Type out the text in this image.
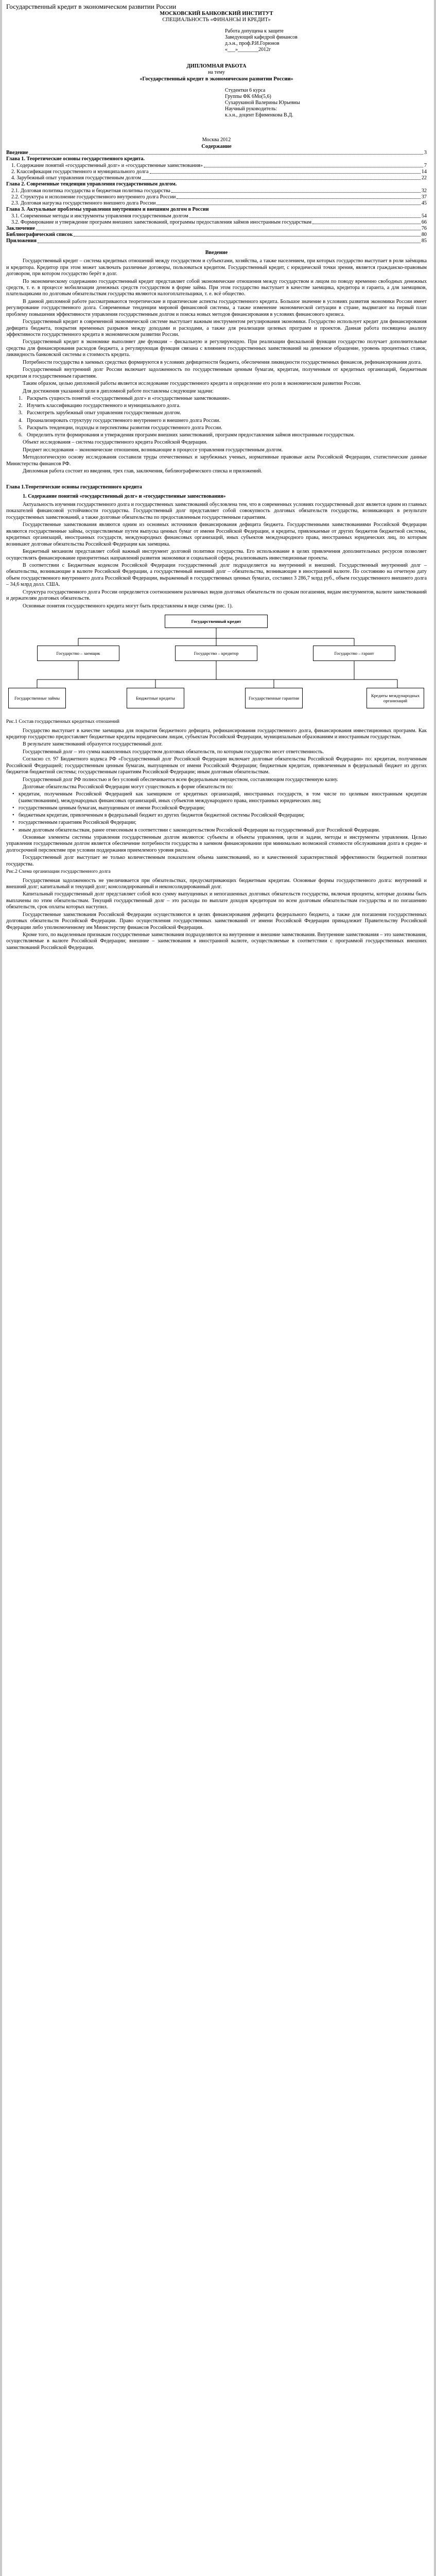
Государственный кредит в экономическом развитии России

МОСКОВСКИЙ БАНКОВСКИЙ ИНСТИТУТ

СПЕЦИАЛЬНОСТЬ «ФИНАНСЫ И КРЕДИТ»

Работа допущена к защите
Заведующий кафедрой финансов
д.э.н., проф.Р.И.Горюнов
«___»________2012г
ДИПЛОМНАЯ РАБОТА
на тему
«Государственный кредит в экономическом развитии России»
Студентки 6 курса
Группы ФК 6Мо(5,6)
Сухарукиной Валерины Юрьевны
Научный руководитель:
к.э.н., доцент Ефименкова В.Д.
Москва 2012
Содержание
Введение	3
Глава 1. Теоретические основы государственного кредита.
1. Содержание понятий «государственный долг» и «государственные заимствования»	7
2. Классификация государственного и муниципального долга	14
4. Зарубежный опыт управления государственным долгом	22
Глава 2. Современные тенденции управления государственным долгом.
2.1. Долговая политика государства и бюджетная политика государства	32
2.2. Структура и исполнение государственного внутреннего долга России	37
2.3. Долговая нагрузка государственного внешнего долга России	45
Глава 3. Актуальные проблемы управления внутренним и внешним долгом в России
3.1. Современные методы и инструменты управления государственным долгом	54
3.2. Формирование и утверждение программ внешних заимствований, программы предоставления займов иностранным государствам	66
Заключение	76
Библиографический список	80
Приложения	85
Введение

Государственный кредит – система кредитных отношений между государством и субъектами, хозяйства, а также населением, при которых государство выступает в роли заёмщика и кредитора. Кредитор при этом может заключать различные договоры, пользоваться кредитом. Государственный кредит, с юридической точки зрения, является гражданско-правовым договором, при котором государство берёт в долг.

По экономическому содержанию государственный кредит представляет собой экономические отношения между государством и лицом по поводу временно свободных денежных средств, т. е. в процессе мобилизации денежных средств государством в форме займа. При этом государство выступает в качестве заемщика, кредитора и гаранта, а для заемщиков, плательщиками по долговым обязательствам государства являются налогоплательщики, т. е. всё общество.

В данной дипломной работе рассматриваются теоретические и практические аспекты государственного кредита. Большое значение в условиях развития экономики России имеет регулирование государственного долга. Современные тенденции мировой финансовой системы, а также изменение экономической ситуации в стране, выдвигают на первый план проблему повышения эффективности управления государственным долгом и поиска новых методов финансирования в условиях финансового кризиса.

Государственный кредит в современной экономической системе выступает важным инструментом регулирования экономики. Государство использует кредит для финансирования дефицита бюджета, покрытия временных разрывов между доходами и расходами, а также для реализации целевых программ и проектов. Данная работа посвящена анализу эффективности государственного кредита в экономическом развитии России.

Государственный кредит в экономике выполняет две функции – фискальную и регулирующую. При реализации фискальной функции государство получает дополнительные средства для финансирования расходов бюджета, а регулирующая функция связана с влиянием государственных заимствований на денежное обращение, уровень процентных ставок, ликвидность банковской системы и стоимость кредита.

Потребности государства в заемных средствах формируются в условиях дефицитности бюджета, обеспечения ликвидности государственных финансов, рефинансирования долга.

Государственный внутренний долг России включает задолженность по государственным ценным бумагам, кредитам, полученным от кредитных организаций, бюджетным кредитам и государственным гарантиям.

Таким образом, целью дипломной работы является исследование государственного кредита и определение его роли в экономическом развитии России.

Для достижения указанной цели в дипломной работе поставлены следующие задачи:

1. Раскрыть сущность понятий «государственный долг» и «государственные заимствования».
2. Изучить классификацию государственного и муниципального долга.
3. Рассмотреть зарубежный опыт управления государственным долгом.
4. Проанализировать структуру государственного внутреннего и внешнего долга России.
5. Раскрыть тенденции, подходы и перспективы развития государственного долга России.
6. Определить пути формирования и утверждения программ внешних заимствований, программ предоставления займов иностранным государствам.

Объект исследования – система государственного кредита Российской Федерации.

Предмет исследования – экономические отношения, возникающие в процессе управления государственным долгом.

Методологическую основу исследования составили труды отечественных и зарубежных ученых, нормативные правовые акты Российской Федерации, статистические данные Министерства финансов РФ.

Дипломная работа состоит из введения, трех глав, заключения, библиографического списка и приложений.

Глава 1.Теоретические основы государственного кредита
1. Содержание понятий «государственный долг» и «государственные заимствования»

Актуальность изучения государственного долга и государственных заимствований обусловлена тем, что в современных условиях государственный долг является одним из главных показателей финансовой устойчивости государства. Государственный долг представляет собой совокупность долговых обязательств государства, возникающих в результате государственных заимствований, а также долговые обязательства по предоставленным государственным гарантиям.

Государственные заимствования являются одним из основных источников финансирования дефицита бюджета. Государственными заимствованиями Российской Федерации являются государственные займы, осуществляемые путем выпуска ценных бумаг от имени Российской Федерации, и кредиты, привлекаемые от других бюджетов бюджетной системы, кредитных организаций, иностранных государств, международных финансовых организаций, иных субъектов международного права, иностранных юридических лиц, по которым возникают долговые обязательства Российской Федерации как заемщика.

Бюджетный механизм представляет собой важный инструмент долговой политики государства. Его использование в целях привлечения дополнительных ресурсов позволяет осуществлять финансирование приоритетных направлений развития экономики и социальной сферы, реализовывать инвестиционные проекты.

В соответствии с Бюджетным кодексом Российской Федерации государственный долг подразделяется на внутренний и внешний. Государственный внутренний долг – обязательства, возникающие в валюте Российской Федерации, а государственный внешний долг – обязательства, возникающие в иностранной валюте. По состоянию на отчетную дату объем государственного внутреннего долга Российской Федерации, выраженный в государственных ценных бумагах, составил 3 286,7 млрд руб., объем государственного внешнего долга – 34,6 млрд долл. США.

Структура государственного долга России определяется соотношением различных видов долговых обязательств по срокам погашения, видам инструментов, валюте заимствований и держателям долговых обязательств.

Основные понятия государственного кредита могут быть представлены в виде схемы (рис. 1).

Государственный кредит
Государство – заемщик	Государство – кредитор	Государство – гарант
Государственные займы	Бюджетные кредиты	Государственные гарантии
Кредиты международных организаций
Рис.1 Состав государственных кредитных отношений

Государство выступает в качестве заемщика для покрытия бюджетного дефицита, рефинансирования государственного долга, финансирования инвестиционных программ. Как кредитор государство предоставляет бюджетные кредиты юридическим лицам, субъектам Российской Федерации, муниципальным образованиям и иностранным государствам.

В результате заимствований образуется государственный долг.

Государственный долг – это сумма накопленных государством долговых обязательств, по которым государство несет ответственность.

Согласно ст. 97 Бюджетного кодекса РФ «Государственный долг Российской Федерации включает долговые обязательства Российской Федерации» по: кредитам, полученным Российской Федерацией; государственным ценным бумагам, выпущенным от имени Российской Федерации; бюджетным кредитам, привлеченным в федеральный бюджет из других бюджетов бюджетной системы; государственным гарантиям Российской Федерации; иным долговым обязательствам.

Государственный долг РФ полностью и без условий обеспечивается всем федеральным имуществом, составляющим государственную казну.

Долговые обязательства Российской Федерации могут существовать в форме обязательств по:

• кредитам, полученным Российской Федерацией как заемщиком от кредитных организаций, иностранных государств, в том числе по целевым иностранным кредитам (заимствованиям), международных финансовых организаций, иных субъектов международного права, иностранных юридических лиц;
• государственным ценным бумагам, выпущенным от имени Российской Федерации;
• бюджетным кредитам, привлеченным в федеральный бюджет из других бюджетов бюджетной системы Российской Федерации;
• государственным гарантиям Российской Федерации;
• иным долговым обязательствам, ранее отнесенным в соответствии с законодательством Российской Федерации на государственный долг Российской Федерации.

Основные элементы системы управления государственным долгом являются: субъекты и объекты управления, цели и задачи, методы и инструменты управления. Целью управления государственным долгом является обеспечение потребности государства в заемном финансировании при минимально возможной стоимости обслуживания долга в средне- и долгосрочной перспективе при условии поддержания приемлемого уровня риска.

Государственный долг выступает не только количественным показателем объема заимствований, но и качественной характеристикой эффективности бюджетной политики государства.

Рис.2 Схема организации государственного долга

Государственная задолженность не увеличивается при обязательствах, предусматривающих бюджетным кредитам. Основные формы государственного долга: внутренний и внешний долг; капитальный и текущий долг; консолидированный и неконсолидированный долг.

Капитальный государственный долг представляет собой всю сумму выпущенных и непогашенных долговых обязательств государства, включая проценты, которые должны быть выплачены по этим обязательствам. Текущий государственный долг – это расходы по выплате доходов кредиторам по всем долговым обязательствам государства и по погашению обязательств, срок оплаты которых наступил.

Государственные заимствования Российской Федерации осуществляются в целях финансирования дефицита федерального бюджета, а также для погашения государственных долговых обязательств Российской Федерации. Право осуществления государственных заимствований от имени Российской Федерации принадлежит Правительству Российской Федерации либо уполномоченному им Министерству финансов Российской Федерации.

Кроме того, по выделенным признакам государственные заимствования подразделяются на внутренние и внешние заимствования. Внутренние заимствования – это заимствования, осуществляемые в валюте Российской Федерации; внешние – заимствования в иностранной валюте, осуществляемые в соответствии с программой государственных внешних заимствований Российской Федерации.
